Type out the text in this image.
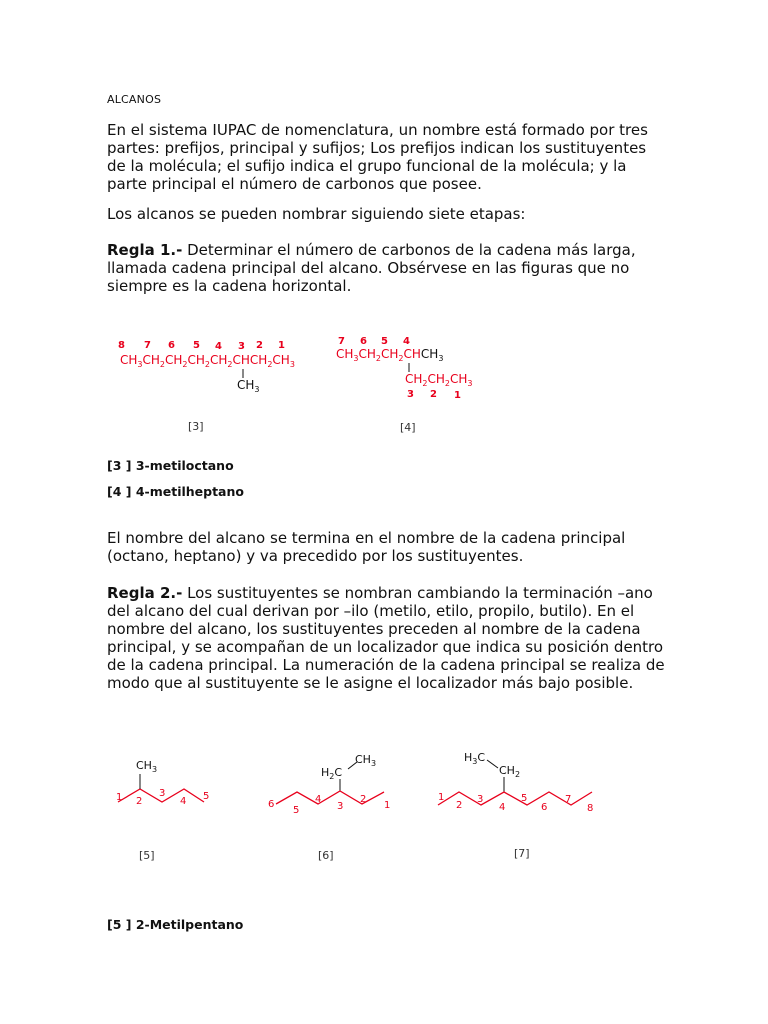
ALCANOS

En el sistema IUPAC de nomenclatura, un nombre está formado por tres partes: prefijos, principal y sufijos; Los prefijos indican los sustituyentes de la molécula; el sufijo indica el grupo funcional de la molécula; y la parte principal el número de carbonos que posee.

Los alcanos se pueden nombrar siguiendo siete etapas:

Regla 1.- Determinar el número de carbonos de la cadena más larga, llamada cadena principal del alcano. Obsérvese en las figuras que no siempre es la cadena horizontal.

8 7 6 5 4 3 2 1
$CH_3CH_2CH_2CH_2CH_2CHCH_2CH_3$
$CH_3$
[3]
7 6 5 4
$CH_3CH_2CH_2CHCH_3$
$CH_2CH_2CH_3$
3 2 1
[4]
[3 ] 3-metiloctano
[4 ] 4-metilheptano

El nombre del alcano se termina en el nombre de la cadena principal (octano, heptano) y va precedido por los sustituyentes.

Regla 2.- Los sustituyentes se nombran cambiando la terminación –ano del alcano del cual derivan por –ilo (metilo, etilo, propilo, butilo). En el nombre del alcano, los sustituyentes preceden al nombre de la cadena principal, y se acompañan de un localizador que indica su posición dentro de la cadena principal. La numeración de la cadena principal se realiza de modo que al sustituyente se le asigne el localizador más bajo posible.

$CH_3$
1 2
3
4 5
[5]
$CH_3$
$H_2C$
6
5
4
3
2
1
[6]
$H_3C$
$CH_2$
1
2
3
4
5
6
7
8
[7]
[5 ] 2-Metilpentano
